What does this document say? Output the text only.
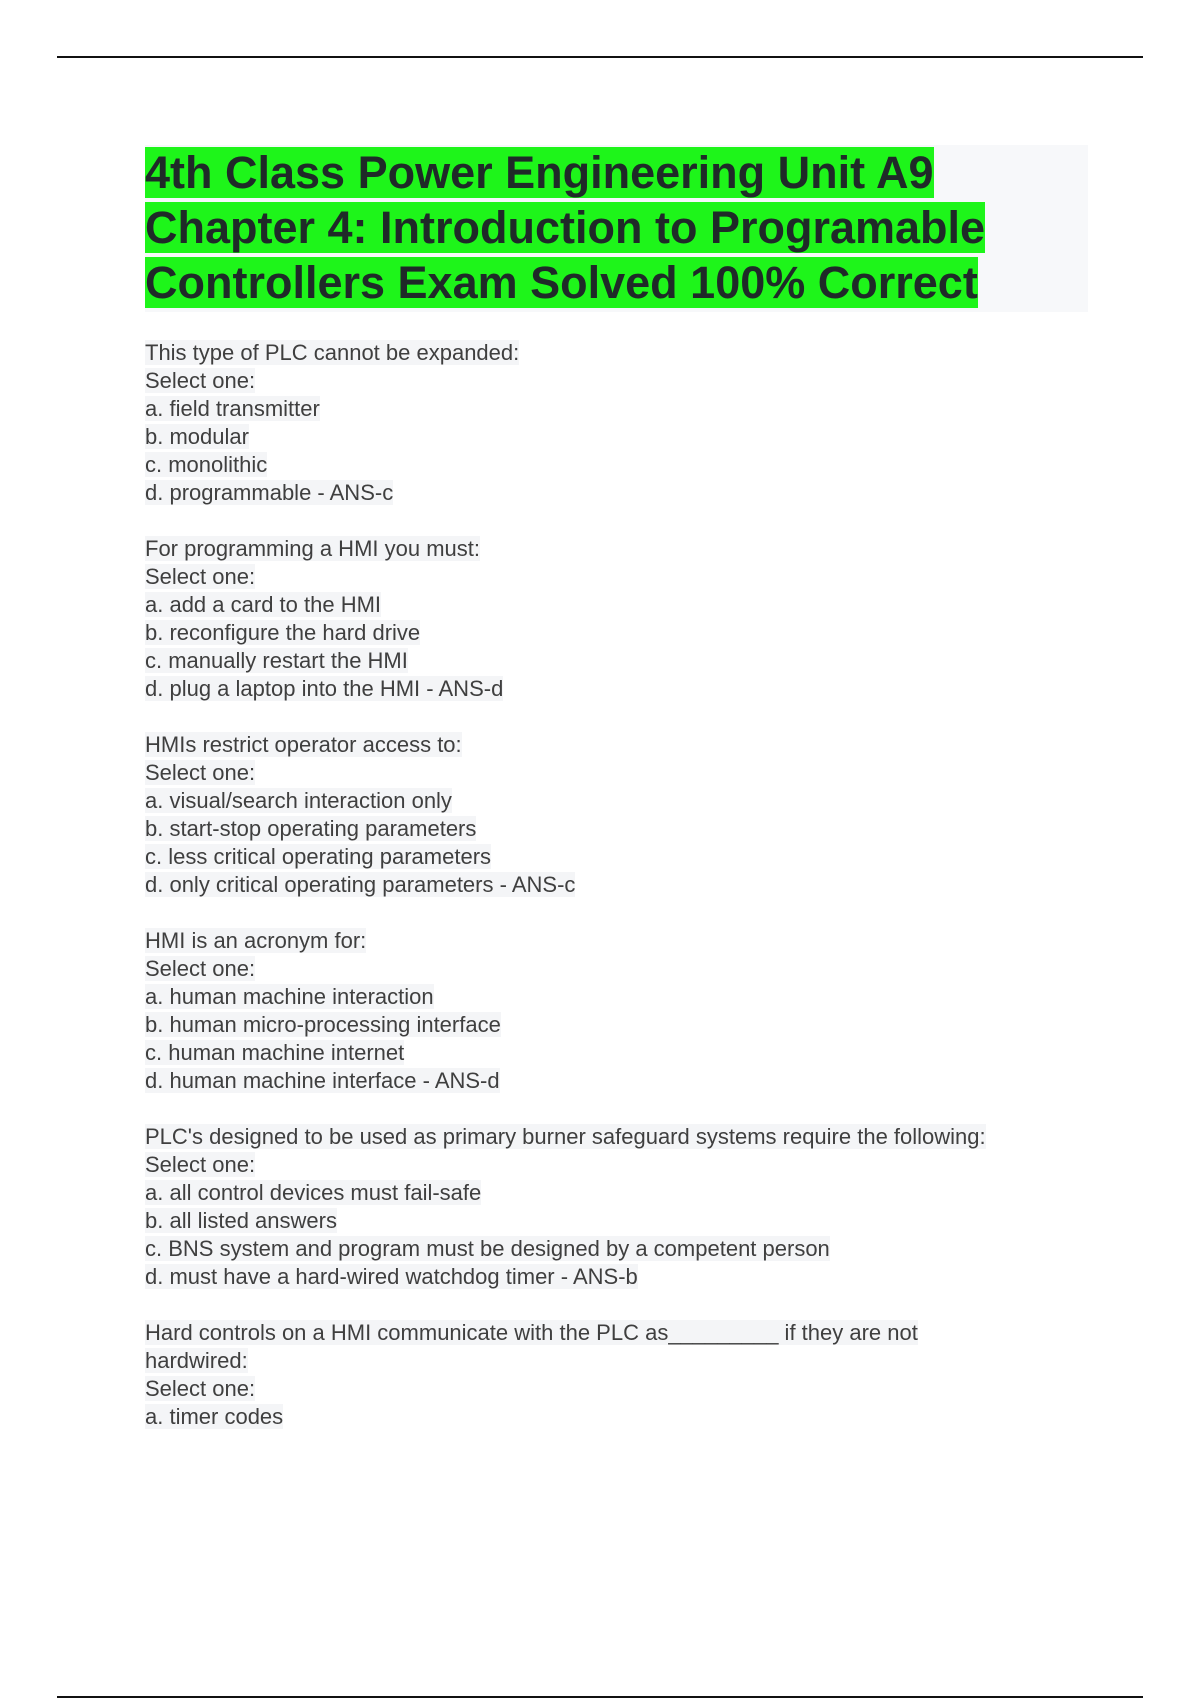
4th Class Power Engineering Unit A9 Chapter 4: Introduction to Programable Controllers Exam Solved 100% Correct
This type of PLC cannot be expanded:
Select one:
a. field transmitter
b. modular
c. monolithic
d. programmable - ANS-c
For programming a HMI you must:
Select one:
a. add a card to the HMI
b. reconfigure the hard drive
c. manually restart the HMI
d. plug a laptop into the HMI - ANS-d
HMIs restrict operator access to:
Select one:
a. visual/search interaction only
b. start-stop operating parameters
c. less critical operating parameters
d. only critical operating parameters - ANS-c
HMI is an acronym for:
Select one:
a. human machine interaction
b. human micro-processing interface
c. human machine internet
d. human machine interface - ANS-d
PLC's designed to be used as primary burner safeguard systems require the following:
Select one:
a. all control devices must fail-safe
b. all listed answers
c. BNS system and program must be designed by a competent person
d. must have a hard-wired watchdog timer - ANS-b
Hard controls on a HMI communicate with the PLC as_________ if they are not
hardwired:
Select one:
a. timer codes
